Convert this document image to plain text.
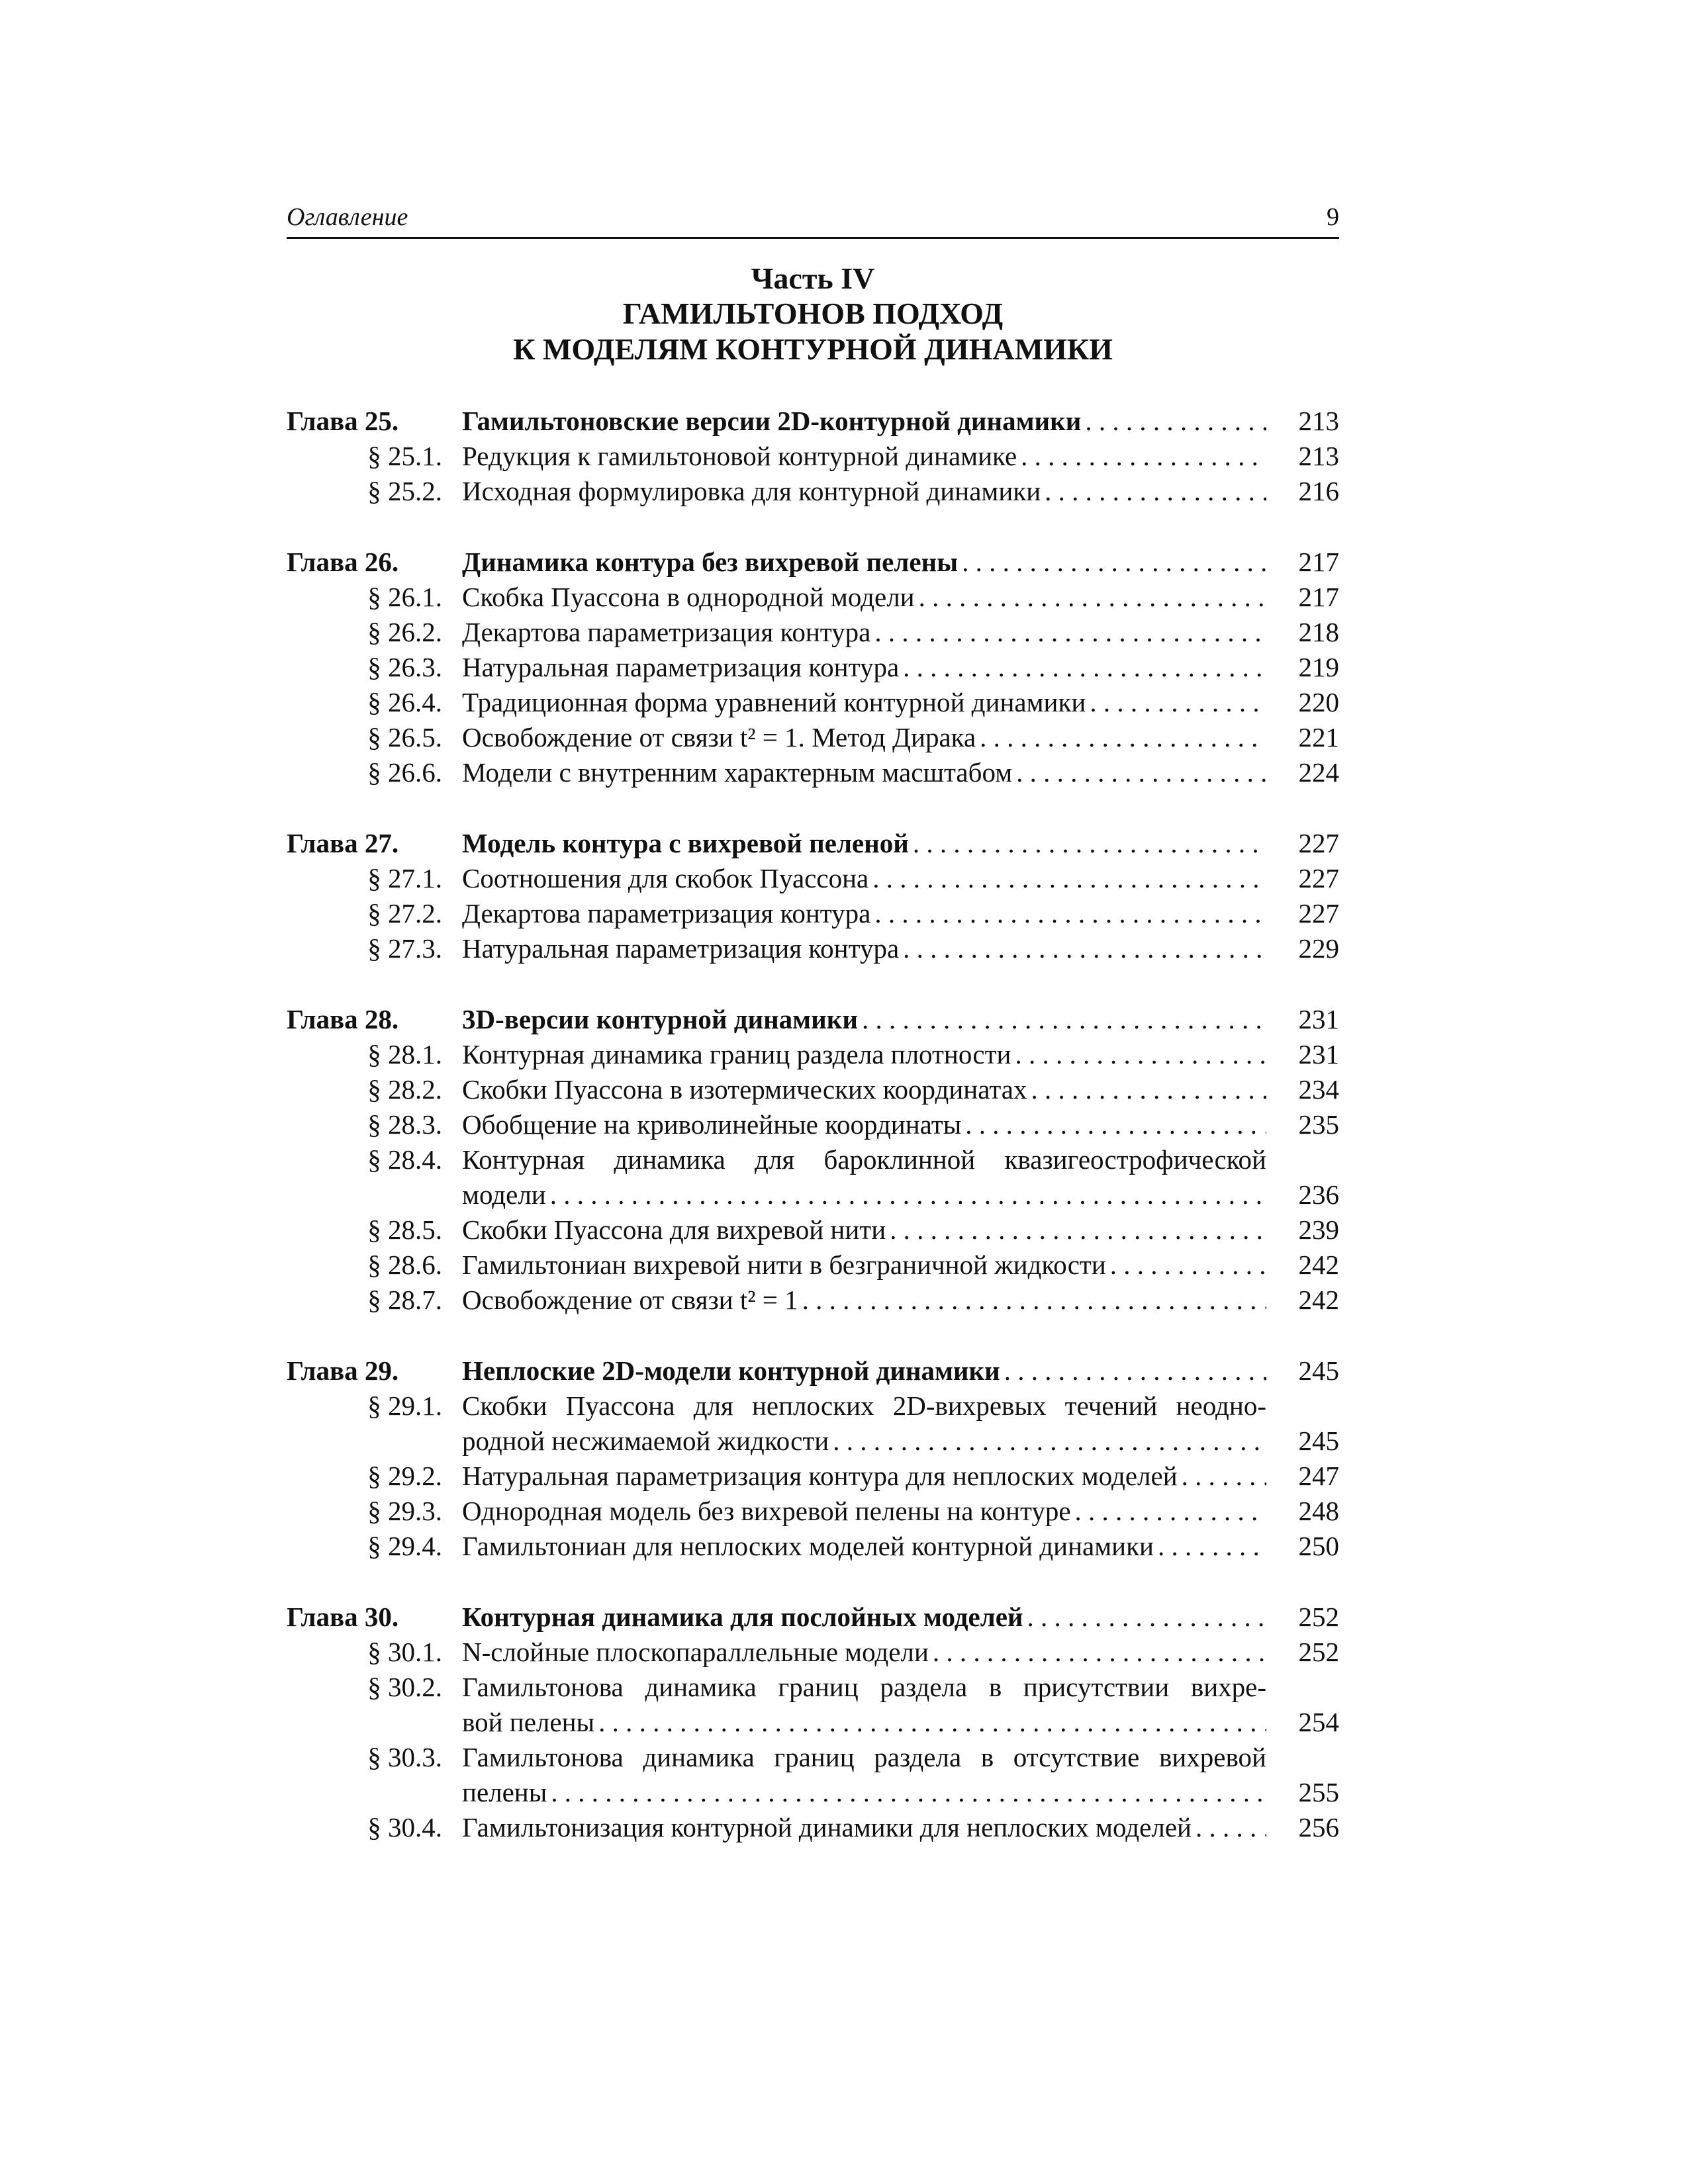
Оглавление	9
Часть IV
ГАМИЛЬТОНОВ ПОДХОД
К МОДЕЛЯМ КОНТУРНОЙ ДИНАМИКИ
Глава 25.	Гамильтоновские версии 2D-контурной динамики . . .	213
§ 25.1. Редукция к гамильтоновой контурной динамике . . .	213
§ 25.2. Исходная формулировка для контурной динамики . . .	216
Глава 26.	Динамика контура без вихревой пелены . . .	217
§ 26.1. Скобка Пуассона в однородной модели . . .	217
§ 26.2. Декартова параметризация контура . . .	218
§ 26.3. Натуральная параметризация контура . . .	219
§ 26.4. Традиционная форма уравнений контурной динамики . . .	220
§ 26.5. Освобождение от связи t² = 1. Метод Дирака . . .	221
§ 26.6. Модели с внутренним характерным масштабом . . .	224
Глава 27.	Модель контура с вихревой пеленой . . .	227
§ 27.1. Соотношения для скобок Пуассона . . .	227
§ 27.2. Декартова параметризация контура . . .	227
§ 27.3. Натуральная параметризация контура . . .	229
Глава 28.	3D-версии контурной динамики . . .	231
§ 28.1. Контурная динамика границ раздела плотности . . .	231
§ 28.2. Скобки Пуассона в изотермических координатах . . .	234
§ 28.3. Обобщение на криволинейные координаты . . .	235
§ 28.4. Контурная динамика для бароклинной квазигеострофической
модели . . .	236
§ 28.5. Скобки Пуассона для вихревой нити . . .	239
§ 28.6. Гамильтониан вихревой нити в безграничной жидкости . . .	242
§ 28.7. Освобождение от связи t² = 1 . . .	242
Глава 29.	Неплоские 2D-модели контурной динамики . . .	245
§ 29.1. Скобки Пуассона для неплоских 2D-вихревых течений неодно-
родной несжимаемой жидкости . . .	245
§ 29.2. Натуральная параметризация контура для неплоских моделей . . .	247
§ 29.3. Однородная модель без вихревой пелены на контуре . . .	248
§ 29.4. Гамильтониан для неплоских моделей контурной динамики . . .	250
Глава 30.	Контурная динамика для послойных моделей . . .	252
§ 30.1. N-слойные плоскопараллельные модели . . .	252
§ 30.2. Гамильтонова динамика границ раздела в присутствии вихре-
вой пелены . . .	254
§ 30.3. Гамильтонова динамика границ раздела в отсутствие вихревой
пелены . . .	255
§ 30.4. Гамильтонизация контурной динамики для неплоских моделей . . .	256
